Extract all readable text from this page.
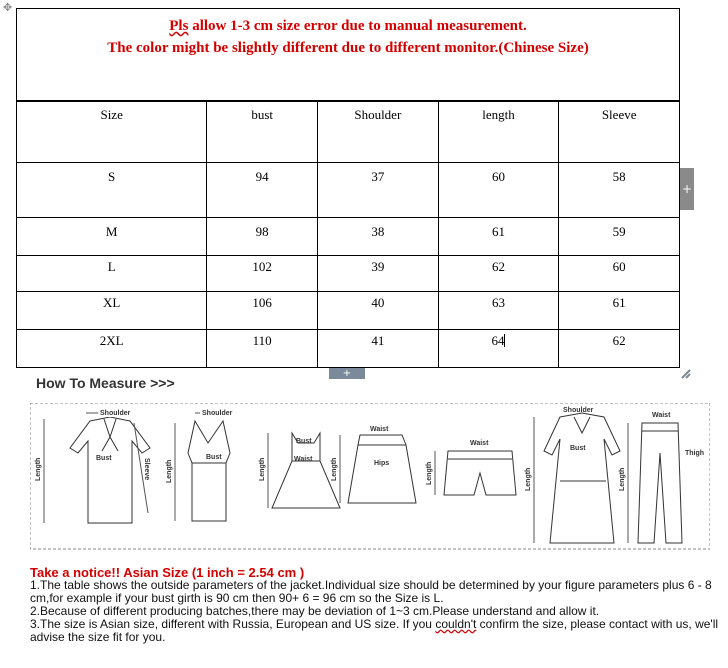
✥
Pls allow 1-3 cm size error due to manual measurement.
The color might be slightly different due to different monitor.(Chinese Size)
Size	bust	Shoulder	length	Sleeve
S	94	37	60	58
M	98	38	61	59
L	102	39	62	60
XL	106	40	63	61
2XL	110	41	64	62
+
+
How To Measure >>>
Shoulder
Bust
Length	Sleeve
Shoulder
Bust
Length
Bust
Waist
Length
Waist
Hips
Length
Waist
Length
Shoulder
Bust
Length
Waist
Thigh
Length
Take a notice!! Asian Size (1 inch = 2.54 cm )
1.The table shows the outside parameters of the jacket.Individual size should be determined by your figure parameters plus 6 - 8 cm,for example if your bust girth is 90 cm then 90+ 6 = 96 cm so the Size is L.
2.Because of different producing batches,there may be deviation of 1~3 cm.Please understand and allow it.
3.The size is Asian size, different with Russia, European and US size. If you couldn't confirm the size, please contact with us, we'll advise the size fit for you.
